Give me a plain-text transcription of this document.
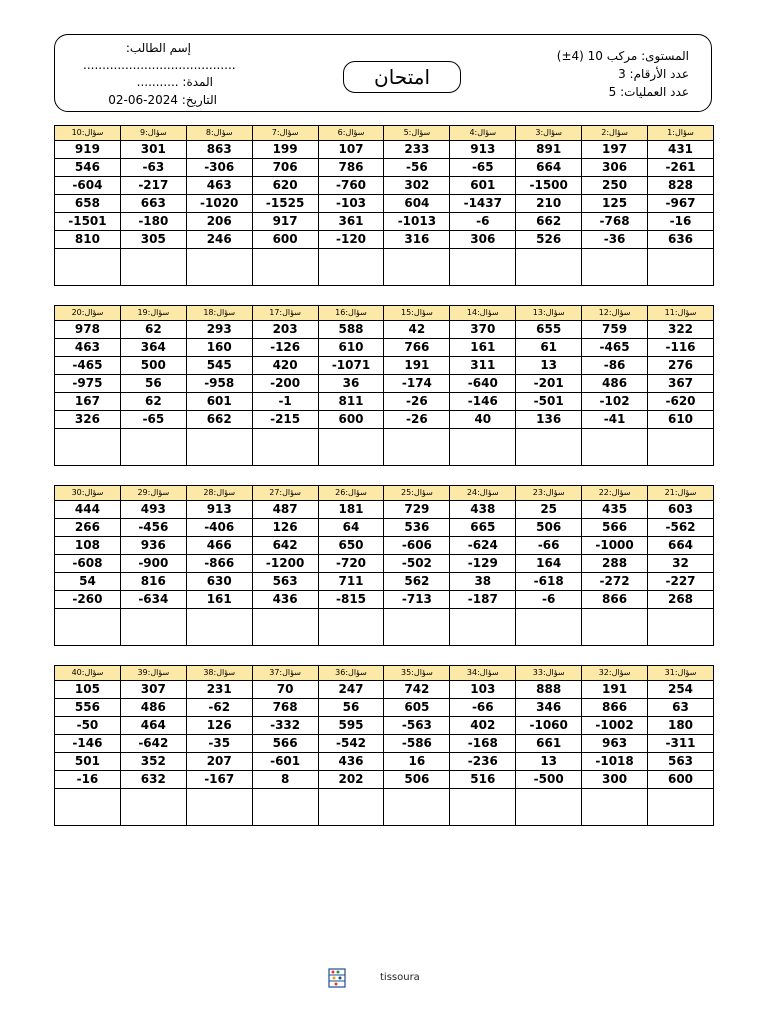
إسم الطالب:
........................................
المدة: ...........
التاريخ: 2024-06-02
امتحان
المستوى: مركب 10 (4±)
عدد الأرقام: 3
عدد العمليات: 5
سؤال:10	سؤال:9	سؤال:8	سؤال:7	سؤال:6	سؤال:5	سؤال:4	سؤال:3	سؤال:2	سؤال:1
919	301	863	199	107	233	913	891	197	431
546	-63	-306	706	786	-56	-65	664	306	-261
-604	-217	463	620	-760	302	601	-1500	250	828
658	663	-1020	-1525	-103	604	-1437	210	125	-967
-1501	-180	206	917	361	-1013	-6	662	-768	-16
810	305	246	600	-120	316	306	526	-36	636

سؤال:20	سؤال:19	سؤال:18	سؤال:17	سؤال:16	سؤال:15	سؤال:14	سؤال:13	سؤال:12	سؤال:11
978	62	293	203	588	42	370	655	759	322
463	364	160	-126	610	766	161	61	-465	-116
-465	500	545	420	-1071	191	311	13	-86	276
-975	56	-958	-200	36	-174	-640	-201	486	367
167	62	601	-1	811	-26	-146	-501	-102	-620
326	-65	662	-215	600	-26	40	136	-41	610

سؤال:30	سؤال:29	سؤال:28	سؤال:27	سؤال:26	سؤال:25	سؤال:24	سؤال:23	سؤال:22	سؤال:21
444	493	913	487	181	729	438	25	435	603
266	-456	-406	126	64	536	665	506	566	-562
108	936	466	642	650	-606	-624	-66	-1000	664
-608	-900	-866	-1200	-720	-502	-129	164	288	32
54	816	630	563	711	562	38	-618	-272	-227
-260	-634	161	436	-815	-713	-187	-6	866	268

سؤال:40	سؤال:39	سؤال:38	سؤال:37	سؤال:36	سؤال:35	سؤال:34	سؤال:33	سؤال:32	سؤال:31
105	307	231	70	247	742	103	888	191	254
556	486	-62	768	56	605	-66	346	866	63
-50	464	126	-332	595	-563	402	-1060	-1002	180
-146	-642	-35	566	-542	-586	-168	661	963	-311
501	352	207	-601	436	16	-236	13	-1018	563
-16	632	-167	8	202	506	516	-500	300	600

tissoura
